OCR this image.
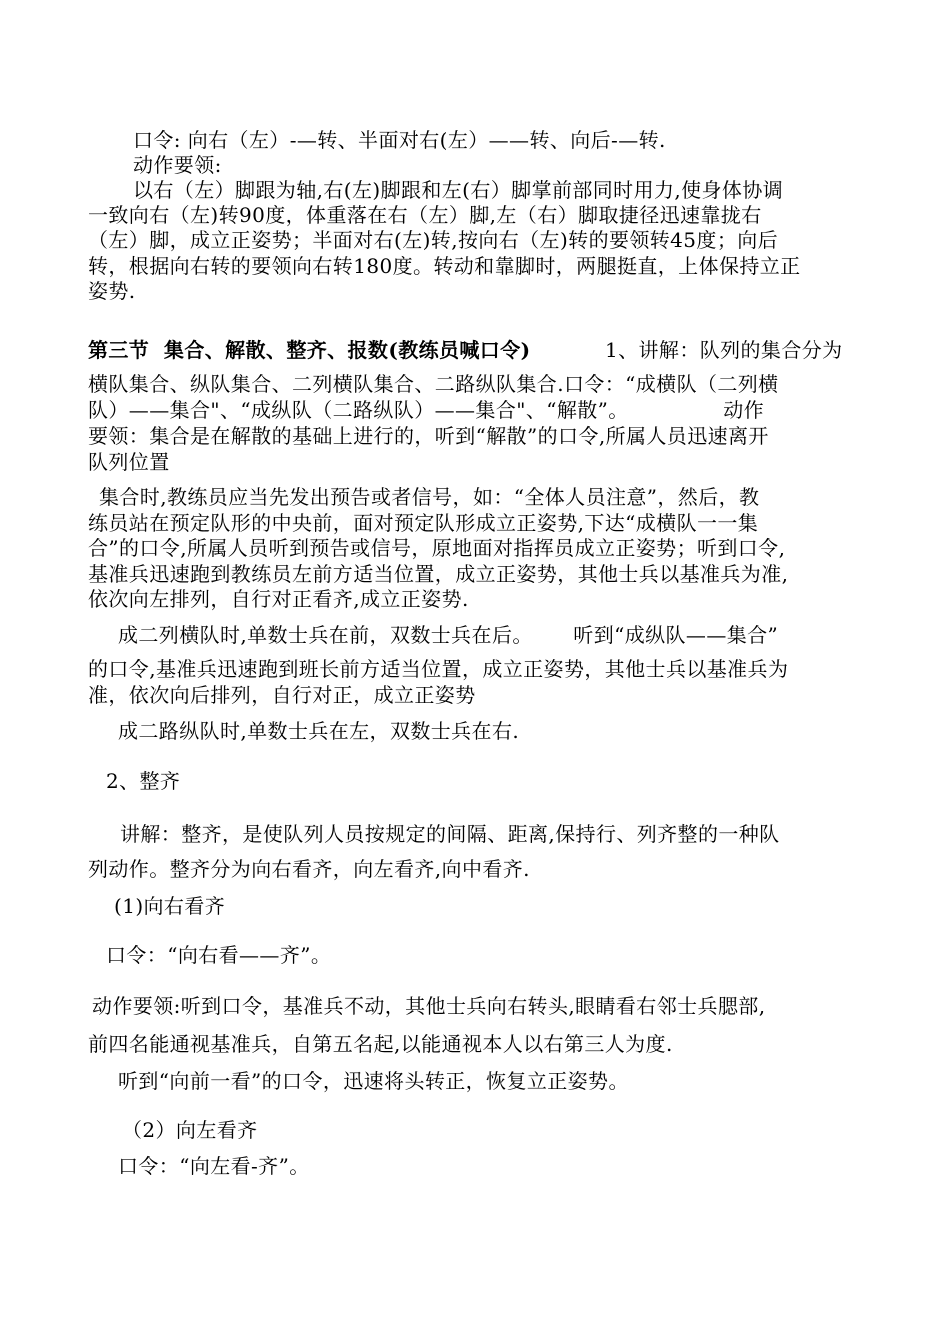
口令: 向右（左）-—转、半面对右(左）——转、向后-—转.
动作要领:
以右（左）脚跟为轴,右(左)脚跟和左(右）脚掌前部同时用力,使身体协调
一致向右（左)转90度，体重落在右（左）脚,左（右）脚取捷径迅速靠拢右
（左）脚，成立正姿势；半面对右(左)转,按向右（左)转的要领转45度；向后
转，根据向右转的要领向右转180度。转动和靠脚时，两腿挺直，上体保持立正
姿势.
第三节  集合、解散、整齐、报数(教练员喊口令)	1、讲解：队列的集合分为
横队集合、纵队集合、二列横队集合、二路纵队集合.口令：“成横队（二列横
队）——集合"、“成纵队（二路纵队）——集合"、“解散”。              动作
要领：集合是在解散的基础上进行的，听到“解散”的口令,所属人员迅速离开
队列位置
集合时,教练员应当先发出预告或者信号，如：“全体人员注意”，然后，教
练员站在预定队形的中央前，面对预定队形成立正姿势,下达“成横队一一集
合”的口令,所属人员听到预告或信号，原地面对指挥员成立正姿势；听到口令,
基准兵迅速跑到教练员左前方适当位置，成立正姿势，其他士兵以基准兵为准,
依次向左排列，自行对正看齐,成立正姿势.
成二列横队时,单数士兵在前，双数士兵在后。      听到“成纵队——集合”
的口令,基准兵迅速跑到班长前方适当位置，成立正姿势，其他士兵以基准兵为
准，依次向后排列，自行对正，成立正姿势
成二路纵队时,单数士兵在左，双数士兵在右.
2、整齐
讲解：整齐，是使队列人员按规定的间隔、距离,保持行、列齐整的一种队
列动作。整齐分为向右看齐，向左看齐,向中看齐.
(1)向右看齐
口令：“向右看——齐”。
动作要领:听到口令，基准兵不动，其他士兵向右转头,眼睛看右邻士兵腮部,
前四名能通视基准兵，自第五名起,以能通视本人以右第三人为度.
听到“向前一看”的口令，迅速将头转正，恢复立正姿势。
（2）向左看齐
口令：“向左看-齐”。
